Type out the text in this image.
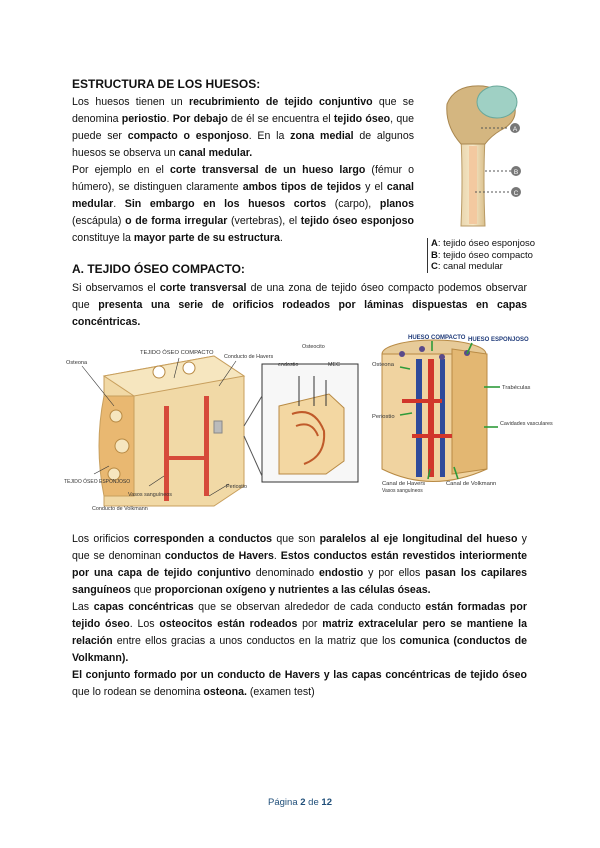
ESTRUCTURA DE LOS HUESOS:
Los huesos tienen un recubrimiento de tejido conjuntivo que se denomina periostio. Por debajo de él se encuentra el tejido óseo, que puede ser compacto o esponjoso. En la zona medial de algunos huesos se observa un canal medular.
Por ejemplo en el corte transversal de un hueso largo (fémur o húmero), se distinguen claramente ambos tipos de tejidos y el canal medular. Sin embargo en los huesos cortos (carpo), planos (escápula) o de forma irregular (vertebras), el tejido óseo esponjoso constituye la mayor parte de su estructura.
A
B
C
A: tejido óseo esponjoso
B: tejido óseo compacto
C: canal medular
A. TEJIDO ÓSEO COMPACTO:
Si observamos el corte transversal de una zona de tejido óseo compacto podemos observar que presenta una serie de orificios rodeados por láminas dispuestas en capas concéntricas.
Osteona
TEJIDO ÓSEO COMPACTO
Conducto de Havers
Osteocito
endostio	MEC
TEJIDO ÓSEO ESPONJOSO
Vasos sanguíneos
Periostio
Conducto de Volkmann
HUESO COMPACTO HUESO ESPONJOSO
Osteona
Trabéculas
Periostio
Cavidades vasculares
Canal de Havers
Vasos sanguíneos
Canal de Volkmann
Los orificios corresponden a conductos que son paralelos al eje longitudinal del hueso y que se denominan conductos de Havers. Estos conductos están revestidos interiormente por una capa de tejido conjuntivo denominado endostio y por ellos pasan los capilares sanguíneos que proporcionan oxígeno y nutrientes a las células óseas.
Las capas concéntricas que se observan alrededor de cada conducto están formadas por tejido óseo. Los osteocitos están rodeados por matriz extracelular pero se mantiene la relación entre ellos gracias a unos conductos en la matriz que los comunica (conductos de Volkmann).
El conjunto formado por un conducto de Havers y las capas concéntricas de tejido óseo que lo rodean se denomina osteona. (examen test)
Página 2 de 12
